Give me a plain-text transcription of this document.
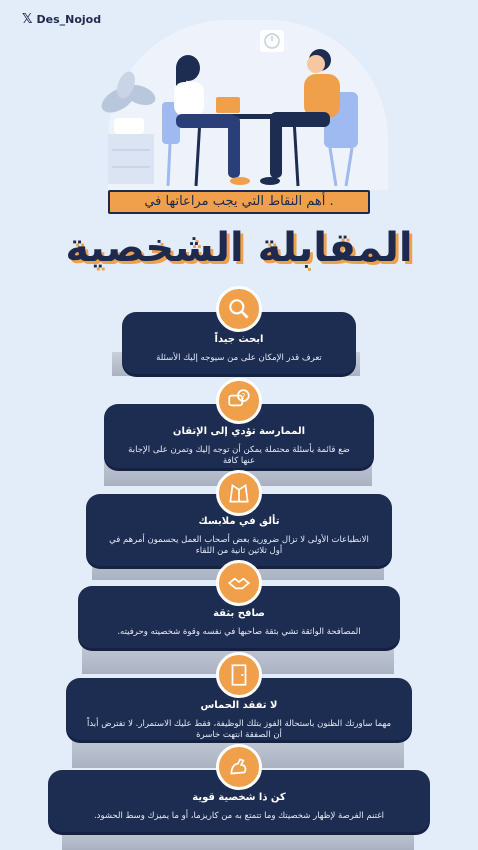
𝕏 Des_Nojod
. أهم النقاط التي يجب مراعاتها في
المقابلة الشخصية
ابحث جيداً
تعرف قدر الإمكان على من سيوجه إليك الأسئلة
الممارسة تؤدي إلى الإتقان
ضع قائمة بأسئلة محتملة يمكن أن توجه إليك وتمرن على الإجابة عنها كافة
تألق في ملابسك
الانطباعات الأولى لا تزال ضرورية بعض أصحاب العمل يحسمون أمرهم في أول ثلاثين ثانية من اللقاء
صافح بثقة
المصافحة الواثقة تشي بثقة صاحبها في نفسه وقوة شخصيته وحرفيته.
لا تفقد الحماس
مهما ساورتك الظنون باستحالة الفوز بتلك الوظيفة، فقط عليك الاستمرار. لا تفترض أبداً أن الصفقة انتهت خاسرة
كن ذا شخصية قوية
اغتنم الفرصة لإظهار شخصيتك وما تتمتع به من كاريزما، أو ما يميزك وسط الحشود.
?
